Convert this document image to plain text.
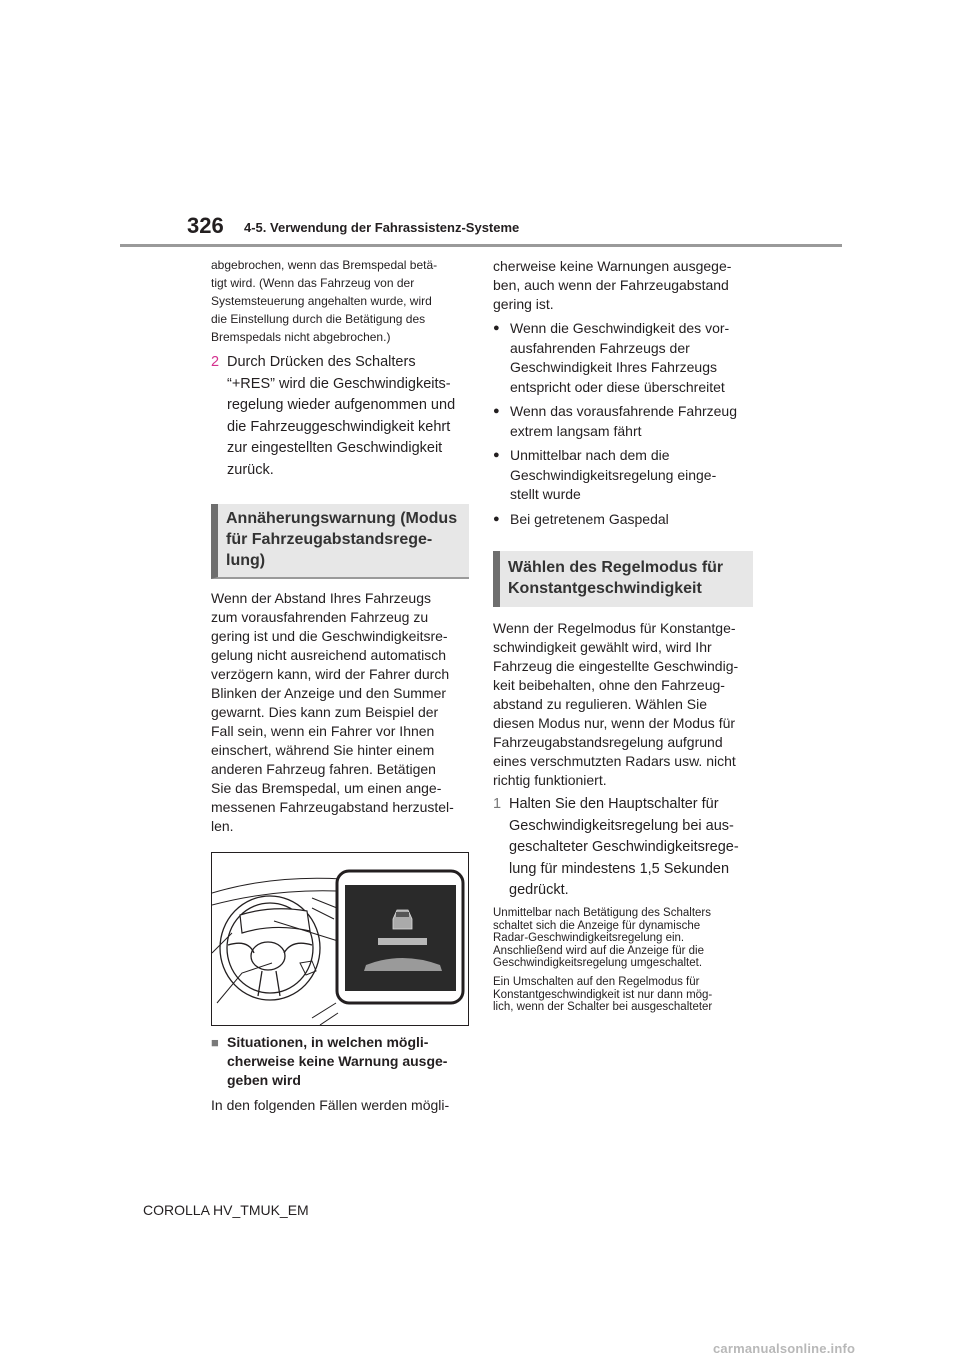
326 4-5. Verwendung der Fahrassistenz-Systeme

abgebrochen, wenn das Bremspedal betä-

tigt wird. (Wenn das Fahrzeug von der

Systemsteuerung angehalten wurde, wird

die Einstellung durch die Betätigung des

Bremspedals nicht abgebrochen.)

2 Durch Drücken des Schalters
“+RES” wird die Geschwindigkeits-
regelung wieder aufgenommen und
die Fahrzeuggeschwindigkeit kehrt
zur eingestellten Geschwindigkeit
zurück.
Annäherungswarnung (Modus
für Fahrzeugabstandsrege-
lung)

Wenn der Abstand Ihres Fahrzeugs

zum vorausfahrenden Fahrzeug zu

gering ist und die Geschwindigkeitsre-

gelung nicht ausreichend automatisch

verzögern kann, wird der Fahrer durch

Blinken der Anzeige und den Summer

gewarnt. Dies kann zum Beispiel der

Fall sein, wenn ein Fahrer vor Ihnen

einschert, während Sie hinter einem

anderen Fahrzeug fahren. Betätigen

Sie das Bremspedal, um einen ange-

messenen Fahrzeugabstand herzustel-

len.

■ Situationen, in welchen mögli-
cherweise keine Warnung ausge-
geben wird

In den folgenden Fällen werden mögli-

cherweise keine Warnungen ausgege-

ben, auch wenn der Fahrzeugabstand

gering ist.

● Wenn die Geschwindigkeit des vor-
ausfahrenden Fahrzeugs der
Geschwindigkeit Ihres Fahrzeugs
entspricht oder diese überschreitet
● Wenn das vorausfahrende Fahrzeug
extrem langsam fährt
● Unmittelbar nach dem die
Geschwindigkeitsregelung einge-
stellt wurde
● Bei getretenem Gaspedal
Wählen des Regelmodus für
Konstantgeschwindigkeit

Wenn der Regelmodus für Konstantge-

schwindigkeit gewählt wird, wird Ihr

Fahrzeug die eingestellte Geschwindig-

keit beibehalten, ohne den Fahrzeug-

abstand zu regulieren. Wählen Sie

diesen Modus nur, wenn der Modus für

Fahrzeugabstandsregelung aufgrund

eines verschmutzten Radars usw. nicht

richtig funktioniert.

1 Halten Sie den Hauptschalter für
Geschwindigkeitsregelung bei aus-
geschalteter Geschwindigkeitsrege-
lung für mindestens 1,5 Sekunden
gedrückt.

Unmittelbar nach Betätigung des Schalters

schaltet sich die Anzeige für dynamische

Radar-Geschwindigkeitsregelung ein.

Anschließend wird auf die Anzeige für die

Geschwindigkeitsregelung umgeschaltet.

Ein Umschalten auf den Regelmodus für

Konstantgeschwindigkeit ist nur dann mög-

lich, wenn der Schalter bei ausgeschalteter

COROLLA HV_TMUK_EM
carmanualsonline.info
